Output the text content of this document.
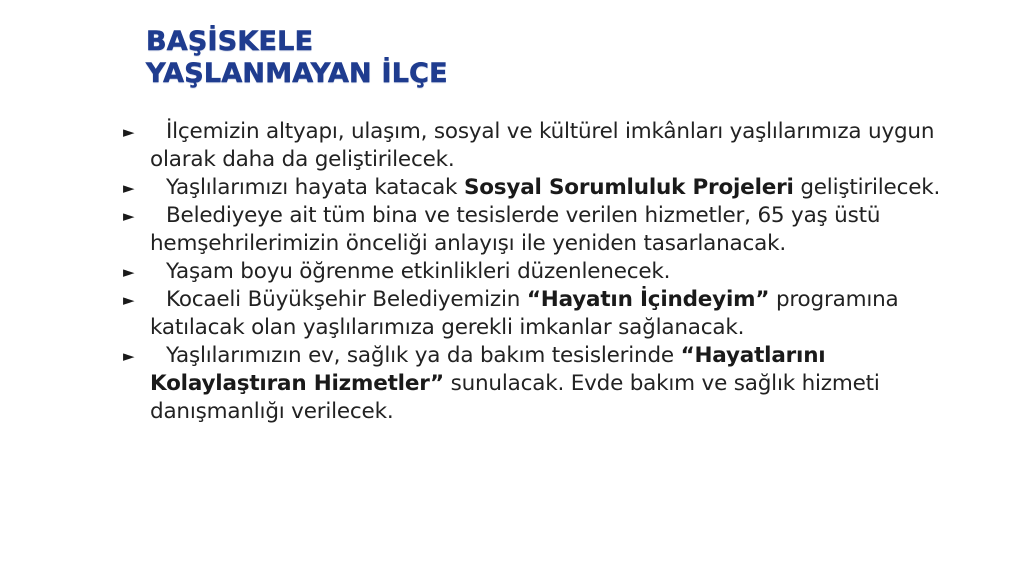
BAŞİSKELE
YAŞLANMAYAN İLÇE
► İlçemizin altyapı, ulaşım, sosyal ve kültürel imkânları yaşlılarımıza uygun olarak daha da geliştirilecek.
► Yaşlılarımızı hayata katacak Sosyal Sorumluluk Projeleri geliştirilecek.
► Belediyeye ait tüm bina ve tesislerde verilen hizmetler, 65 yaş üstü hemşehrilerimizin önceliği anlayışı ile yeniden tasarlanacak.
► Yaşam boyu öğrenme etkinlikleri düzenlenecek.
► Kocaeli Büyükşehir Belediyemizin “Hayatın İçindeyim” programına katılacak olan yaşlılarımıza gerekli imkanlar sağlanacak.
► Yaşlılarımızın ev, sağlık ya da bakım tesislerinde “Hayatlarını Kolaylaştıran Hizmetler” sunulacak. Evde bakım ve sağlık hizmeti danışmanlığı verilecek.
